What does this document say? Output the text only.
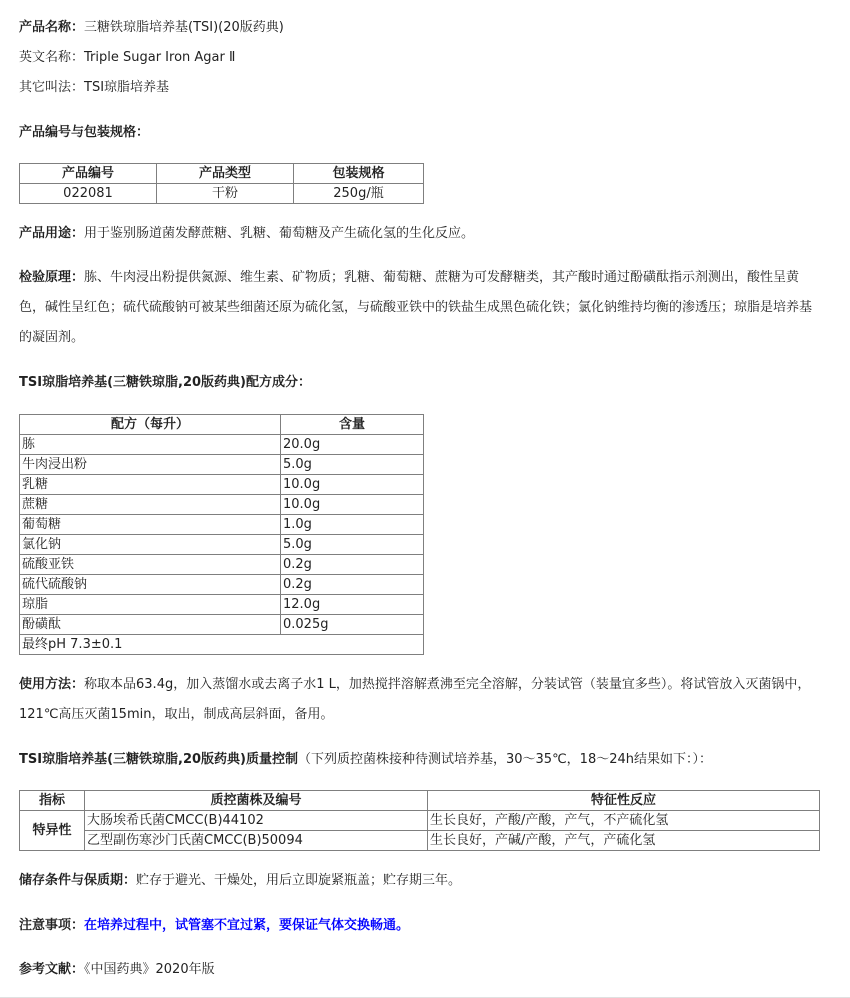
产品名称：三糖铁琼脂培养基(TSI)(20版药典)
英文名称：Triple Sugar Iron Agar Ⅱ
其它叫法：TSI琼脂培养基
产品编号与包装规格：
产品编号	产品类型	包装规格
022081	干粉	250g/瓶
产品用途：用于鉴别肠道菌发酵蔗糖、乳糖、葡萄糖及产生硫化氢的生化反应。
检验原理：胨、牛肉浸出粉提供氮源、维生素、矿物质；乳糖、葡萄糖、蔗糖为可发酵糖类，其产酸时通过酚磺酞指示剂测出，酸性呈黄色，碱性呈红色；硫代硫酸钠可被某些细菌还原为硫化氢，与硫酸亚铁中的铁盐生成黑色硫化铁；氯化钠维持均衡的渗透压；琼脂是培养基的凝固剂。
TSI琼脂培养基(三糖铁琼脂,20版药典)配方成分：
配方（每升）	含量
胨	20.0g
牛肉浸出粉	5.0g
乳糖	10.0g
蔗糖	10.0g
葡萄糖	1.0g
氯化钠	5.0g
硫酸亚铁	0.2g
硫代硫酸钠	0.2g
琼脂	12.0g
酚磺酞	0.025g
最终pH 7.3±0.1	
使用方法：称取本品63.4g，加入蒸馏水或去离子水1 L，加热搅拌溶解煮沸至完全溶解，分装试管（装量宜多些）。将试管放入灭菌锅中，121℃高压灭菌15min，取出，制成高层斜面，备用。
TSI琼脂培养基(三糖铁琼脂,20版药典)质量控制（下列质控菌株接种待测试培养基，30～35℃，18～24h结果如下：）：
指标	质控菌株及编号	特征性反应
特异性	大肠埃希氏菌CMCC(B)44102	生长良好，产酸/产酸，产气，不产硫化氢
	乙型副伤寒沙门氏菌CMCC(B)50094	生长良好，产碱/产酸，产气，产硫化氢
储存条件与保质期：贮存于避光、干燥处，用后立即旋紧瓶盖；贮存期三年。
注意事项：在培养过程中，试管塞不宜过紧，要保证气体交换畅通。
参考文献：《中国药典》2020年版
